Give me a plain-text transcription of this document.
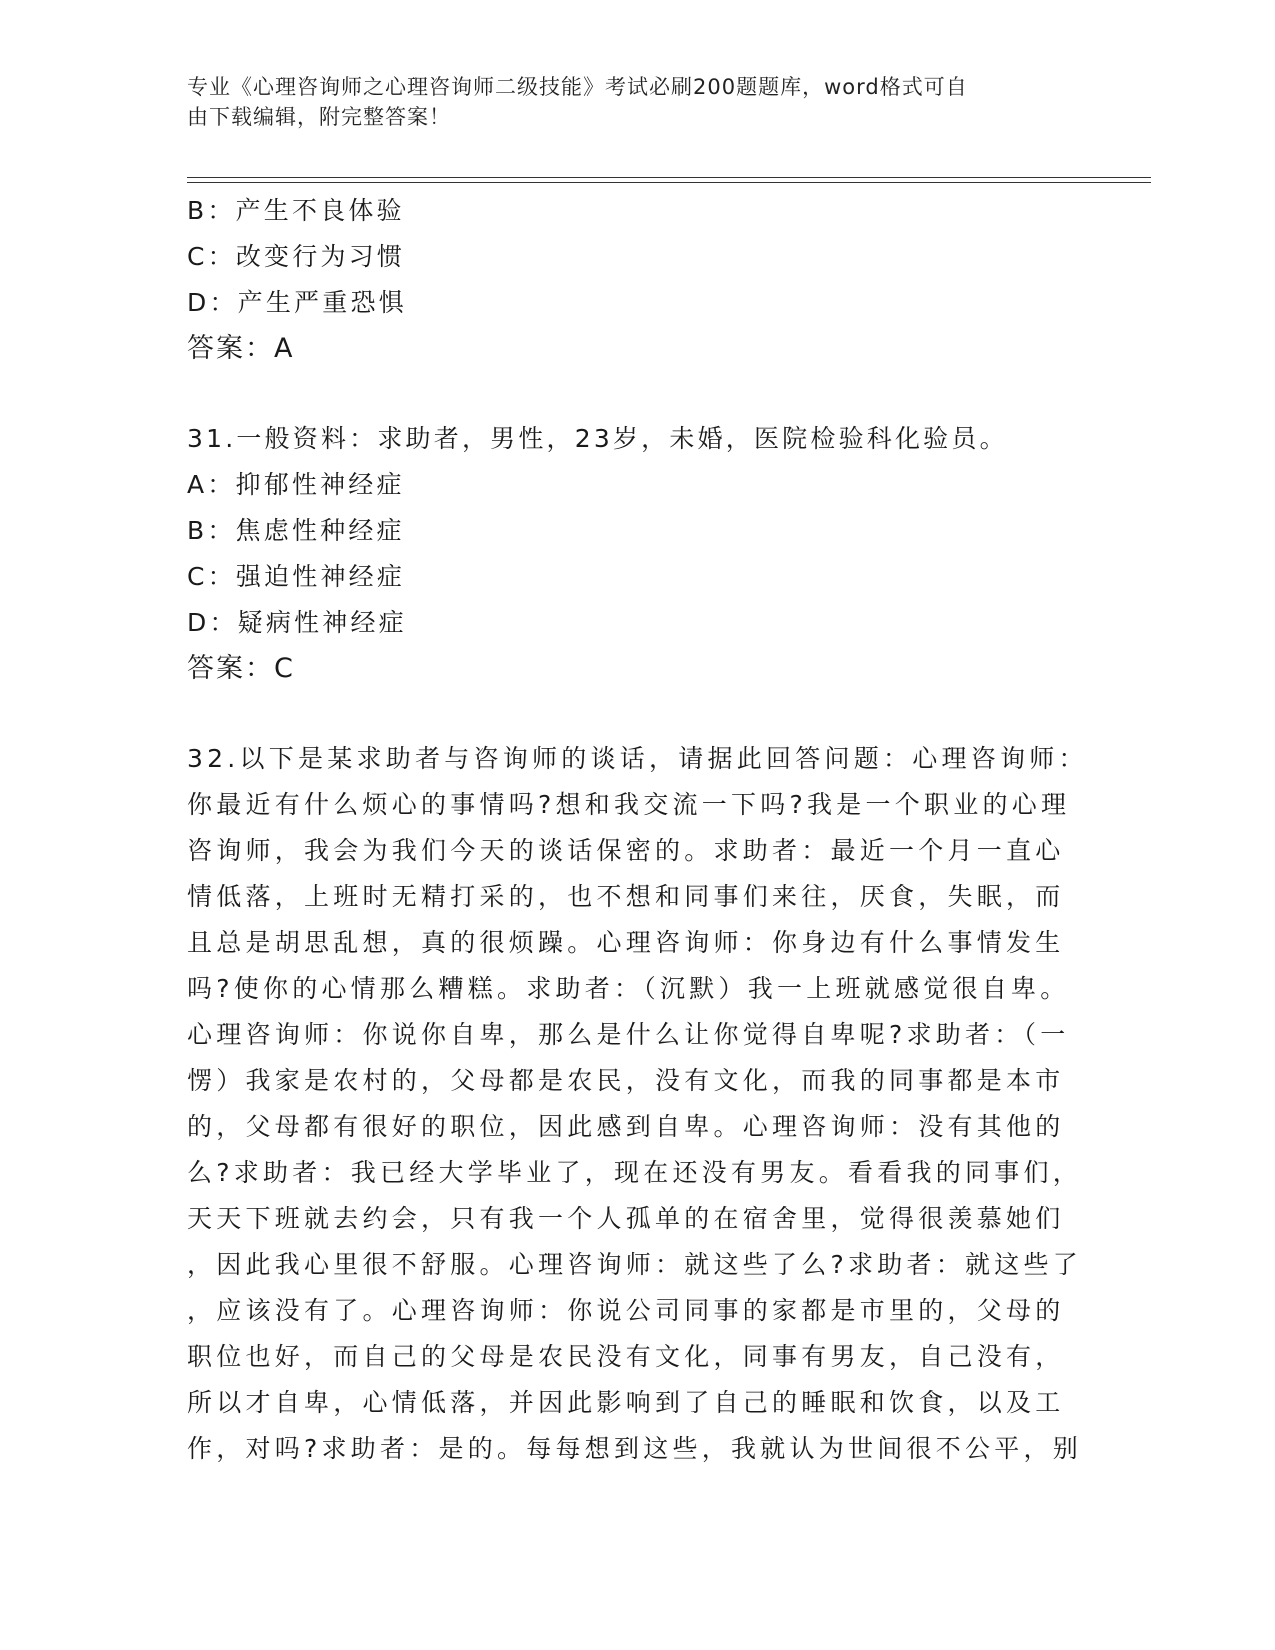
专业《心理咨询师之心理咨询师二级技能》考试必刷200题题库，word格式可自
由下载编辑，附完整答案！
B：产生不良体验
C：改变行为习惯
D：产生严重恐惧
答案：A
31.一般资料：求助者，男性，23岁，未婚，医院检验科化验员。
A：抑郁性神经症
B：焦虑性种经症
C：强迫性神经症
D：疑病性神经症
答案：C
32.以下是某求助者与咨询师的谈话，请据此回答问题：心理咨询师：
你最近有什么烦心的事情吗?想和我交流一下吗?我是一个职业的心理
咨询师，我会为我们今天的谈话保密的。求助者：最近一个月一直心
情低落，上班时无精打采的，也不想和同事们来往，厌食，失眠，而
且总是胡思乱想，真的很烦躁。心理咨询师：你身边有什么事情发生
吗?使你的心情那么糟糕。求助者：（沉默）我一上班就感觉很自卑。
心理咨询师：你说你自卑，那么是什么让你觉得自卑呢?求助者：（一
愣）我家是农村的，父母都是农民，没有文化，而我的同事都是本市
的，父母都有很好的职位，因此感到自卑。心理咨询师：没有其他的
么?求助者：我已经大学毕业了，现在还没有男友。看看我的同事们，
天天下班就去约会，只有我一个人孤单的在宿舍里，觉得很羡慕她们
，因此我心里很不舒服。心理咨询师：就这些了么?求助者：就这些了
，应该没有了。心理咨询师：你说公司同事的家都是市里的，父母的
职位也好，而自己的父母是农民没有文化，同事有男友，自己没有，
所以才自卑，心情低落，并因此影响到了自己的睡眠和饮食，以及工
作，对吗?求助者：是的。每每想到这些，我就认为世间很不公平，别
